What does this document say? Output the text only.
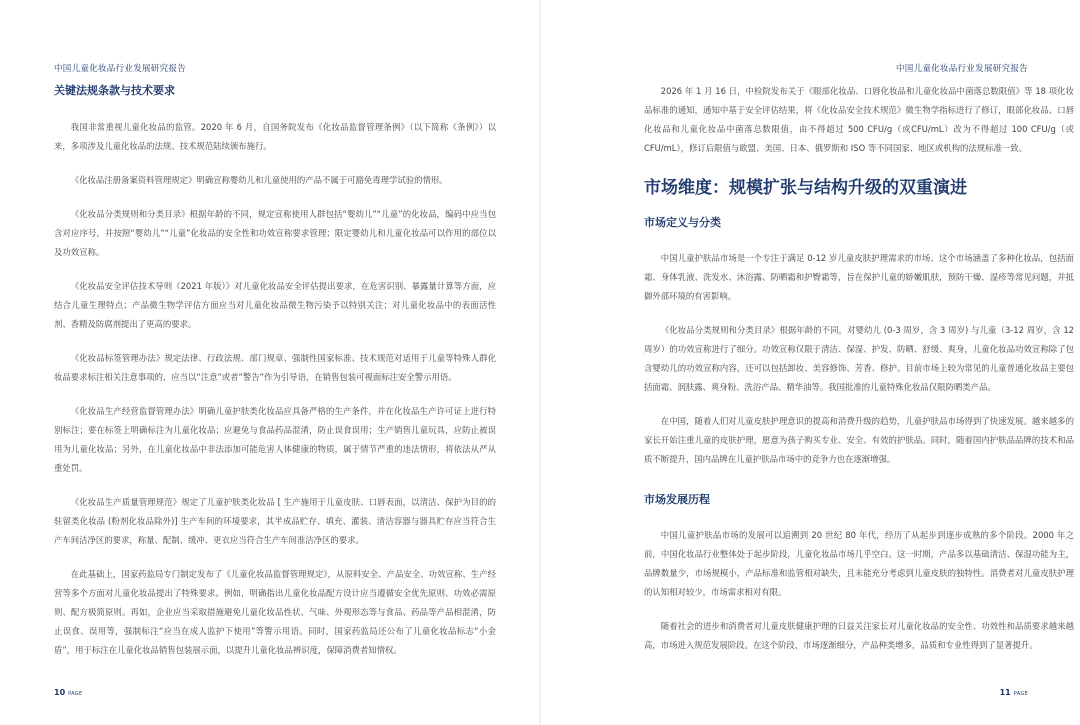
中国儿童化妆品行业发展研究报告
关键法规条款与技术要求

我国非常重视儿童化妆品的监管。2020 年 6 月，自国务院发布《化妆品监督管理条例》（以下简称《条例》）以来，多项涉及儿童化妆品的法规、技术规范陆续颁布施行。

《化妆品注册备案资料管理规定》明确宣称婴幼儿和儿童使用的产品不属于可豁免毒理学试验的情形。

《化妆品分类规则和分类目录》根据年龄的不同，规定宣称使用人群包括“婴幼儿”“儿童”的化妆品，编码中应当包含对应序号，并按照“婴幼儿”“儿童”化妆品的安全性和功效宣称要求管理；限定婴幼儿和儿童化妆品可以作用的部位以及功效宣称。

《化妆品安全评估技术导则（2021 年版）》对儿童化妆品安全评估提出要求，在危害识别、暴露量计算等方面，应结合儿童生理特点；产品微生物学评估方面应当对儿童化妆品微生物污染予以特别关注；对儿童化妆品中的表面活性剂、香精及防腐剂提出了更高的要求。

《化妆品标签管理办法》规定法律、行政法规、部门规章、强制性国家标准、技术规范对适用于儿童等特殊人群化妆品要求标注相关注意事项的，应当以“注意”或者“警告”作为引导语，在销售包装可视面标注安全警示用语。

《化妆品生产经营监督管理办法》明确儿童护肤类化妆品应具备严格的生产条件，并在化妆品生产许可证上进行特别标注；要在标签上明确标注为儿童化妆品；应避免与食品药品混淆，防止误食误用；生产销售儿童玩具，应防止被误用为儿童化妆品；另外，在儿童化妆品中非法添加可能危害人体健康的物质，属于情节严重的违法情形，将依法从严从重处罚。

《化妆品生产质量管理规范》规定了儿童护肤类化妆品 [ 生产施用于儿童皮肤、口唇表面，以清洁、保护为目的的驻留类化妆品 (粉剂化妆品除外)] 生产车间的环境要求，其半成品贮存、填充、灌装、清洁容器与器具贮存应当符合生产车间洁净区的要求，称量、配制、缓冲、更衣应当符合生产车间准洁净区的要求。

在此基础上，国家药监局专门制定发布了《儿童化妆品监督管理规定》，从原料安全、产品安全、功效宣称、生产经营等多个方面对儿童化妆品提出了特殊要求。例如，明确指出儿童化妆品配方设计应当遵循安全优先原则、功效必需原则、配方极简原则。再如，企业应当采取措施避免儿童化妆品性状、气味、外观形态等与食品、药品等产品相混淆，防止误食、误用等，强制标注“应当在成人监护下使用”等警示用语。同时，国家药监局还公布了儿童化妆品标志“小金盾”，用于标注在儿童化妆品销售包装展示面，以提升儿童化妆品辨识度，保障消费者知情权。

10 PAGE
中国儿童化妆品行业发展研究报告

2026 年 1 月 16 日，中检院发布关于《眼部化妆品、口唇化妆品和儿童化妆品中菌落总数限值》等 18 项化妆品标准的通知，通知中基于安全评估结果，将《化妆品安全技术规范》微生物学指标进行了修订，眼部化妆品、口唇化妆品和儿童化妆品中菌落总数限值，由不得超过 500 CFU/g（或CFU/mL）改为不得超过 100 CFU/g（或 CFU/mL），修订后限值与欧盟、美国、日本、俄罗斯和 ISO 等不同国家、地区或机构的法规标准一致。

市场维度：规模扩张与结构升级的双重演进
市场定义与分类

中国儿童护肤品市场是一个专注于满足 0-12 岁儿童皮肤护理需求的市场。这个市场涵盖了多种化妆品，包括面霜、身体乳液、洗发水、沐浴露、防晒霜和护臀霜等，旨在保护儿童的娇嫩肌肤，预防干燥、湿疹等常见问题，并抵御外部环境的有害影响。

《化妆品分类规则和分类目录》根据年龄的不同，对婴幼儿 (0-3 周岁，含 3 周岁) 与儿童（3-12 周岁，含 12 周岁）的功效宣称进行了细分。功效宣称仅限于清洁、保湿、护发、防晒、舒缓、爽身，儿童化妆品功效宣称除了包含婴幼儿的功效宣称内容，还可以包括卸妆、美容修饰、芳香、修护。目前市场上较为常见的儿童普通化妆品主要包括面霜、润肤露、爽身粉、洗浴产品、精华油等。我国批准的儿童特殊化妆品仅限防晒类产品。

在中国，随着人们对儿童皮肤护理意识的提高和消费升级的趋势，儿童护肤品市场得到了快速发展。越来越多的家长开始注重儿童的皮肤护理，愿意为孩子购买专业、安全、有效的护肤品。同时，随着国内护肤品品牌的技术和品质不断提升，国内品牌在儿童护肤品市场中的竞争力也在逐渐增强。

市场发展历程

中国儿童护肤品市场的发展可以追溯到 20 世纪 80 年代，经历了从起步到逐步成熟的多个阶段。2000 年之前，中国化妆品行业整体处于起步阶段，儿童化妆品市场几乎空白。这一时期，产品多以基础清洁、保湿功能为主，品牌数量少，市场规模小，产品标准和监管相对缺失，且未能充分考虑到儿童皮肤的独特性。消费者对儿童皮肤护理的认知相对较少，市场需求相对有限。

随着社会的进步和消费者对儿童皮肤健康护理的日益关注家长对儿童化妆品的安全性、功效性和品质要求越来越高，市场进入规范发展阶段。在这个阶段，市场逐渐细分，产品种类增多，品质和专业性得到了显著提升。

11 PAGE
